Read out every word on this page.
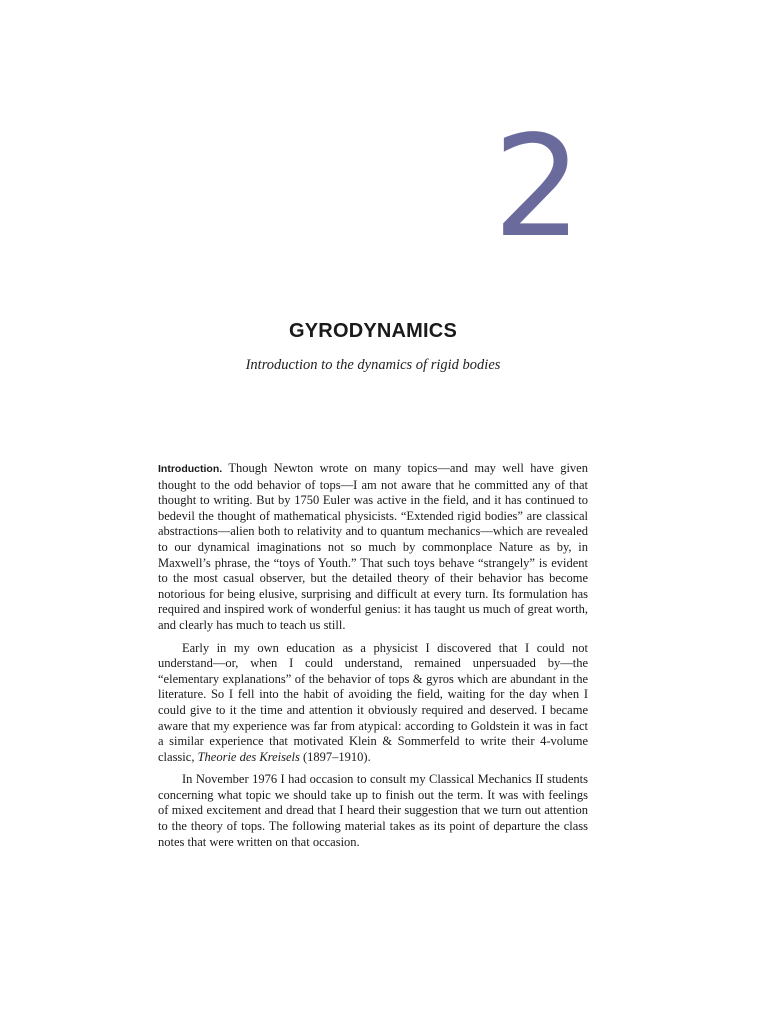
2
GYRODYNAMICS

Introduction to the dynamics of rigid bodies

Introduction. Though Newton wrote on many topics—and may well have given thought to the odd behavior of tops—I am not aware that he committed any of that thought to writing. But by 1750 Euler was active in the field, and it has continued to bedevil the thought of mathematical physicists. “Extended rigid bodies” are classical abstractions—alien both to relativity and to quantum mechanics—which are revealed to our dynamical imaginations not so much by commonplace Nature as by, in Maxwell’s phrase, the “toys of Youth.” That such toys behave “strangely” is evident to the most casual observer, but the detailed theory of their behavior has become notorious for being elusive, surprising and difficult at every turn. Its formulation has required and inspired work of wonderful genius: it has taught us much of great worth, and clearly has much to teach us still.

Early in my own education as a physicist I discovered that I could not understand—or, when I could understand, remained unpersuaded by—the “elementary explanations” of the behavior of tops & gyros which are abundant in the literature. So I fell into the habit of avoiding the field, waiting for the day when I could give to it the time and attention it obviously required and deserved. I became aware that my experience was far from atypical: according to Goldstein it was in fact a similar experience that motivated Klein & Sommerfeld to write their 4-volume classic, Theorie des Kreisels (1897–1910).

In November 1976 I had occasion to consult my Classical Mechanics II students concerning what topic we should take up to finish out the term. It was with feelings of mixed excitement and dread that I heard their suggestion that we turn out attention to the theory of tops. The following material takes as its point of departure the class notes that were written on that occasion.
